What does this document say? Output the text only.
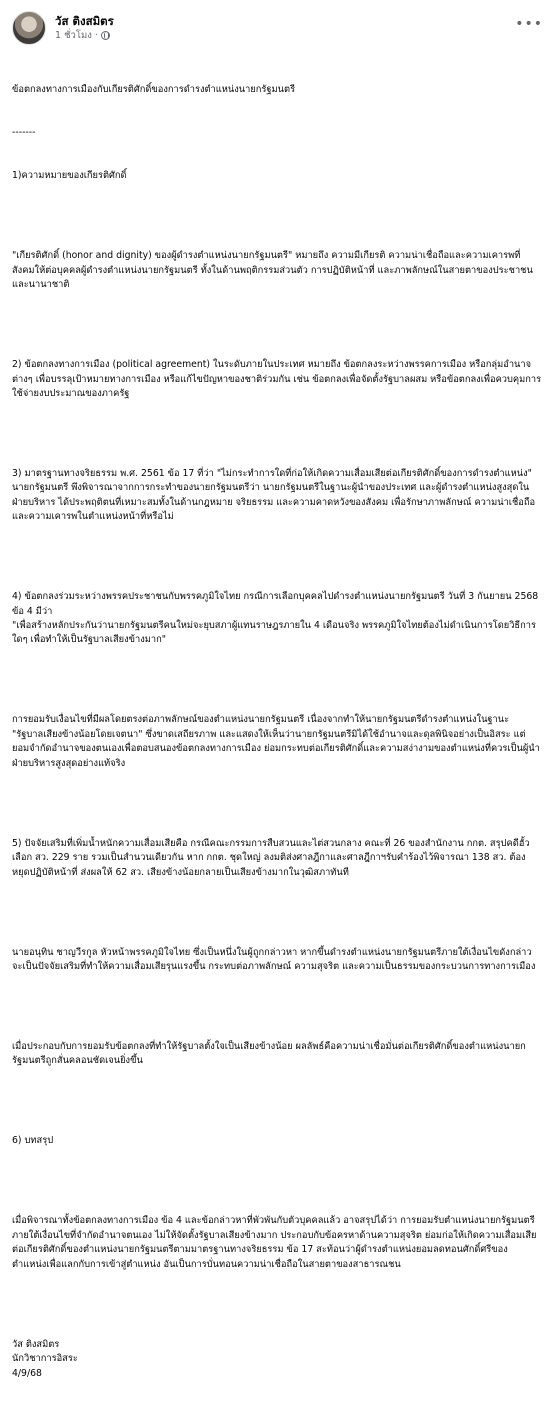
วัส ติงสมิตร
1 ชั่วโมง ·
•••

ข้อตกลงทางการเมืองกับเกียรติศักดิ์ของการดำรงตำแหน่งนายกรัฐมนตรี

-------

1)ความหมายของเกียรติศักดิ์

"เกียรติศักดิ์ (honor and dignity) ของผู้ดำรงตำแหน่งนายกรัฐมนตรี" หมายถึง ความมีเกียรติ ความน่าเชื่อถือและความเคารพที่สังคมให้ต่อบุคคลผู้ดำรงตำแหน่งนายกรัฐมนตรี ทั้งในด้านพฤติกรรมส่วนตัว การปฏิบัติหน้าที่ และภาพลักษณ์ในสายตาของประชาชนและนานาชาติ

2) ข้อตกลงทางการเมือง (political agreement) ในระดับภายในประเทศ หมายถึง ข้อตกลงระหว่างพรรคการเมือง หรือกลุ่มอำนาจต่างๆ เพื่อบรรลุเป้าหมายทางการเมือง หรือแก้ไขปัญหาของชาติร่วมกัน เช่น ข้อตกลงเพื่อจัดตั้งรัฐบาลผสม หรือข้อตกลงเพื่อควบคุมการใช้จ่ายงบประมาณของภาครัฐ

3) มาตรฐานทางจริยธรรม พ.ศ. 2561 ข้อ 17 ที่ว่า "ไม่กระทำการใดที่ก่อให้เกิดความเสื่อมเสียต่อเกียรติศักดิ์ของการดำรงตำแหน่ง" นายกรัฐมนตรี พึงพิจารณาจากการกระทำของนายกรัฐมนตรีว่า นายกรัฐมนตรีในฐานะผู้นำของประเทศ และผู้ดำรงตำแหน่งสูงสุดในฝ่ายบริหาร ได้ประพฤติตนที่เหมาะสมทั้งในด้านกฎหมาย จริยธรรม และความคาดหวังของสังคม เพื่อรักษาภาพลักษณ์ ความน่าเชื่อถือ และความเคารพในตำแหน่งหน้าที่หรือไม่

4) ข้อตกลงร่วมระหว่างพรรคประชาชนกับพรรคภูมิใจไทย กรณีการเลือกบุคคลไปดำรงตำแหน่งนายกรัฐมนตรี วันที่ 3 กันยายน 2568 ข้อ 4 มีว่า
"เพื่อสร้างหลักประกันว่านายกรัฐมนตรีคนใหม่จะยุบสภาผู้แทนราษฎรภายใน 4 เดือนจริง พรรคภูมิใจไทยต้องไม่ดำเนินการโดยวิธีการใดๆ เพื่อทำให้เป็นรัฐบาลเสียงข้างมาก"

การยอมรับเงื่อนไขที่มีผลโดยตรงต่อภาพลักษณ์ของตำแหน่งนายกรัฐมนตรี เนื่องจากทำให้นายกรัฐมนตรีดำรงตำแหน่งในฐานะ "รัฐบาลเสียงข้างน้อยโดยเจตนา" ซึ่งขาดเสถียรภาพ และแสดงให้เห็นว่านายกรัฐมนตรีมิได้ใช้อำนาจและดุลพินิจอย่างเป็นอิสระ แต่ยอมจำกัดอำนาจของตนเองเพื่อตอบสนองข้อตกลงทางการเมือง ย่อมกระทบต่อเกียรติศักดิ์และความสง่างามของตำแหน่งที่ควรเป็นผู้นำฝ่ายบริหารสูงสุดอย่างแท้จริง

5) ปัจจัยเสริมที่เพิ่มน้ำหนักความเสื่อมเสียคือ กรณีคณะกรรมการสืบสวนและไต่สวนกลาง คณะที่ 26 ของสำนักงาน กกต. สรุปคดีฮั้วเลือก สว. 229 ราย รวมเป็นสำนวนเดียวกัน หาก กกต. ชุดใหญ่ ลงมติส่งศาลฎีกาและศาลฎีกาฯรับคำร้องไว้พิจารณา 138 สว. ต้องหยุดปฏิบัติหน้าที่ ส่งผลให้ 62 สว. เสียงข้างน้อยกลายเป็นเสียงข้างมากในวุฒิสภาทันที

นายอนุทิน ชาญวีรกูล หัวหน้าพรรคภูมิใจไทย ซึ่งเป็นหนึ่งในผู้ถูกกล่าวหา หากขึ้นดำรงตำแหน่งนายกรัฐมนตรีภายใต้เงื่อนไขดังกล่าว จะเป็นปัจจัยเสริมที่ทำให้ความเสื่อมเสียรุนแรงขึ้น กระทบต่อภาพลักษณ์ ความสุจริต และความเป็นธรรมของกระบวนการทางการเมือง

เมื่อประกอบกับการยอมรับข้อตกลงที่ทำให้รัฐบาลตั้งใจเป็นเสียงข้างน้อย ผลลัพธ์คือความน่าเชื่อมั่นต่อเกียรติศักดิ์ของตำแหน่งนายกรัฐมนตรีถูกสั่นคลอนชัดเจนยิ่งขึ้น

6) บทสรุป

เมื่อพิจารณาทั้งข้อตกลงทางการเมือง ข้อ 4 และข้อกล่าวหาที่พัวพันกับตัวบุคคลแล้ว อาจสรุปได้ว่า การยอมรับตำแหน่งนายกรัฐมนตรีภายใต้เงื่อนไขที่จำกัดอำนาจตนเอง ไม่ให้จัดตั้งรัฐบาลเสียงข้างมาก ประกอบกับข้อครหาด้านความสุจริต ย่อมก่อให้เกิดความเสื่อมเสียต่อเกียรติศักดิ์ของตำแหน่งนายกรัฐมนตรีตามมาตรฐานทางจริยธรรม ข้อ 17 สะท้อนว่าผู้ดำรงตำแหน่งยอมลดทอนศักดิ์ศรีของตำแหน่งเพื่อแลกกับการเข้าสู่ตำแหน่ง อันเป็นการบั่นทอนความน่าเชื่อถือในสายตาของสาธารณชน

วัส ติงสมิตร
นักวิชาการอิสระ
4/9/68
